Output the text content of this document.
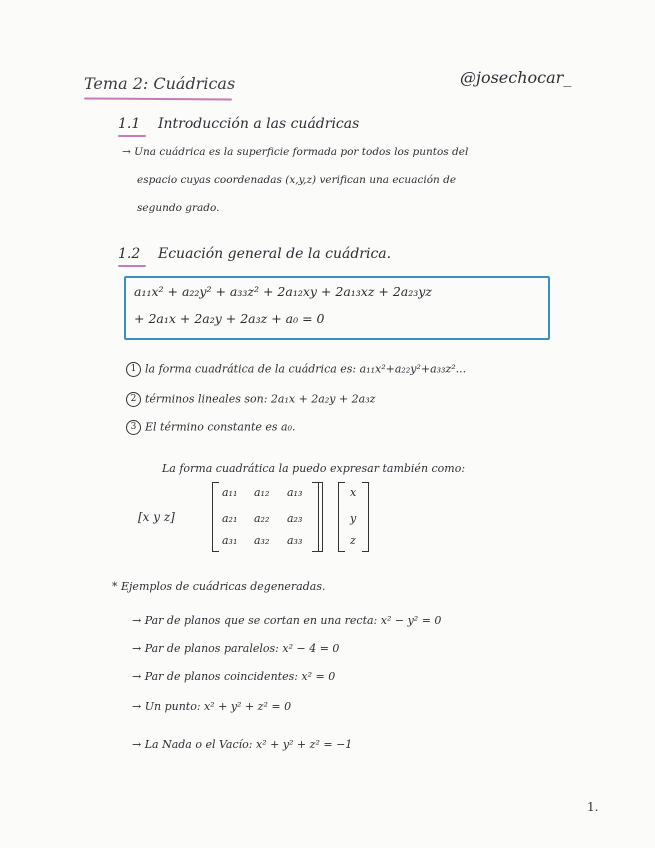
Tema 2: Cuádricas	@josechocar_
1.1 Introducción a las cuádricas
→ Una cuádrica es la superficie formada por todos los puntos del
espacio cuyas coordenadas (x,y,z) verifican una ecuación de
segundo grado.
1.2 Ecuación general de la cuádrica.
a₁₁x² + a₂₂y² + a₃₃z² + 2a₁₂xy + 2a₁₃xz + 2a₂₃yz
+ 2a₁x + 2a₂y + 2a₃z + a₀ = 0
1 la forma cuadrática de la cuádrica es: a₁₁x²+a₂₂y²+a₃₃z²...
2 términos lineales son: 2a₁x + 2a₂y + 2a₃z
3 El término constante es a₀.
La forma cuadrática la puedo expresar también como:
[x y z]
a₁₁ a₁₂ a₁₃
a₂₁ a₂₂ a₂₃
a₃₁ a₃₂ a₃₃
x
y
z
* Ejemplos de cuádricas degeneradas.
→ Par de planos que se cortan en una recta: x² − y² = 0
→ Par de planos paralelos: x² − 4 = 0
→ Par de planos coincidentes: x² = 0
→ Un punto: x² + y² + z² = 0
→ La Nada o el Vacío: x² + y² + z² = −1
1.
